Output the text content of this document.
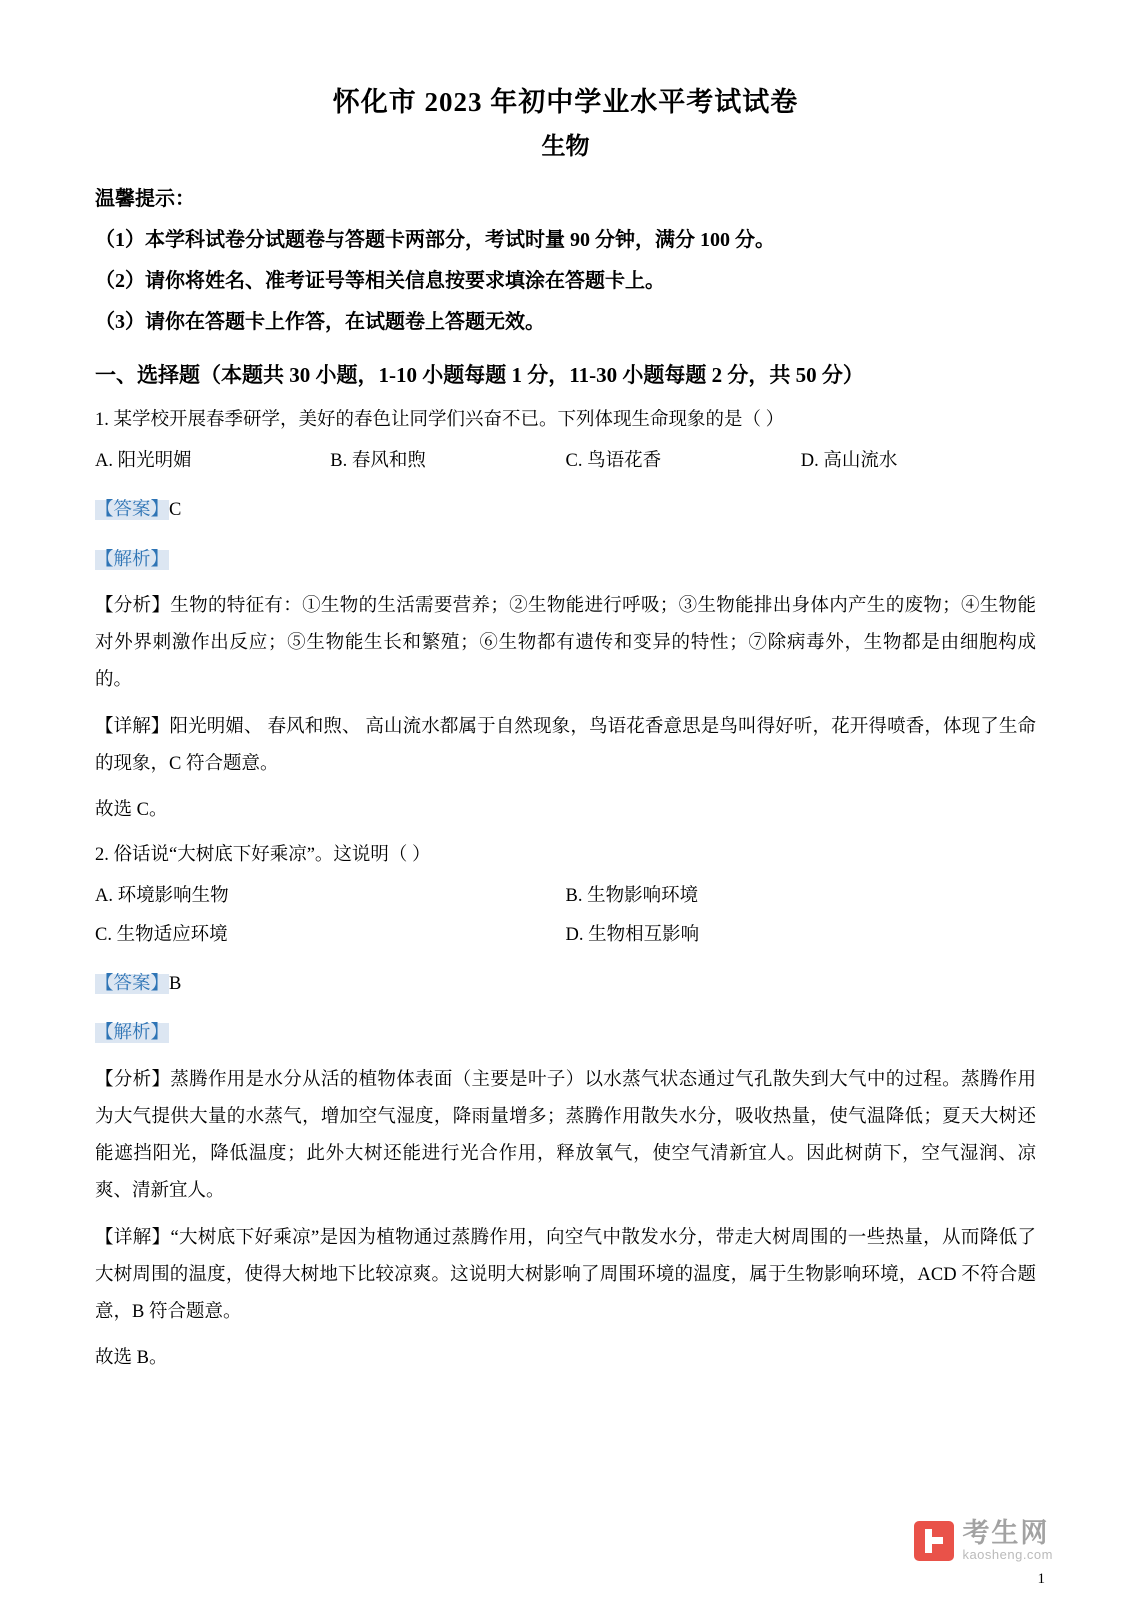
怀化市 2023 年初中学业水平考试试卷
生物
温馨提示：
（1）本学科试卷分试题卷与答题卡两部分，考试时量 90 分钟，满分 100 分。
（2）请你将姓名、准考证号等相关信息按要求填涂在答题卡上。
（3）请你在答题卡上作答，在试题卷上答题无效。
一、选择题（本题共 30 小题，1-10 小题每题 1 分，11-30 小题每题 2 分，共 50 分）
1. 某学校开展春季研学，美好的春色让同学们兴奋不已。下列体现生命现象的是（ ）
A. 阳光明媚	B. 春风和煦	C. 鸟语花香	D. 高山流水
【答案】C
【解析】
【分析】生物的特征有：①生物的生活需要营养；②生物能进行呼吸；③生物能排出身体内产生的废物；④生物能对外界刺激作出反应；⑤生物能生长和繁殖；⑥生物都有遗传和变异的特性；⑦除病毒外，生物都是由细胞构成的。
【详解】阳光明媚、 春风和煦、 高山流水都属于自然现象，鸟语花香意思是鸟叫得好听，花开得喷香，体现了生命的现象，C 符合题意。
故选 C。
2. 俗话说“大树底下好乘凉”。这说明（ ）
A. 环境影响生物	B. 生物影响环境
C. 生物适应环境	D. 生物相互影响
【答案】B
【解析】
【分析】蒸腾作用是水分从活的植物体表面（主要是叶子）以水蒸气状态通过气孔散失到大气中的过程。蒸腾作用为大气提供大量的水蒸气，增加空气湿度，降雨量增多；蒸腾作用散失水分，吸收热量，使气温降低；夏天大树还能遮挡阳光，降低温度；此外大树还能进行光合作用，释放氧气，使空气清新宜人。因此树荫下，空气湿润、凉爽、清新宜人。
【详解】“大树底下好乘凉”是因为植物通过蒸腾作用，向空气中散发水分，带走大树周围的一些热量，从而降低了大树周围的温度，使得大树地下比较凉爽。这说明大树影响了周围环境的温度，属于生物影响环境，ACD 不符合题意，B 符合题意。
故选 B。
考生网
kaosheng.com
1
